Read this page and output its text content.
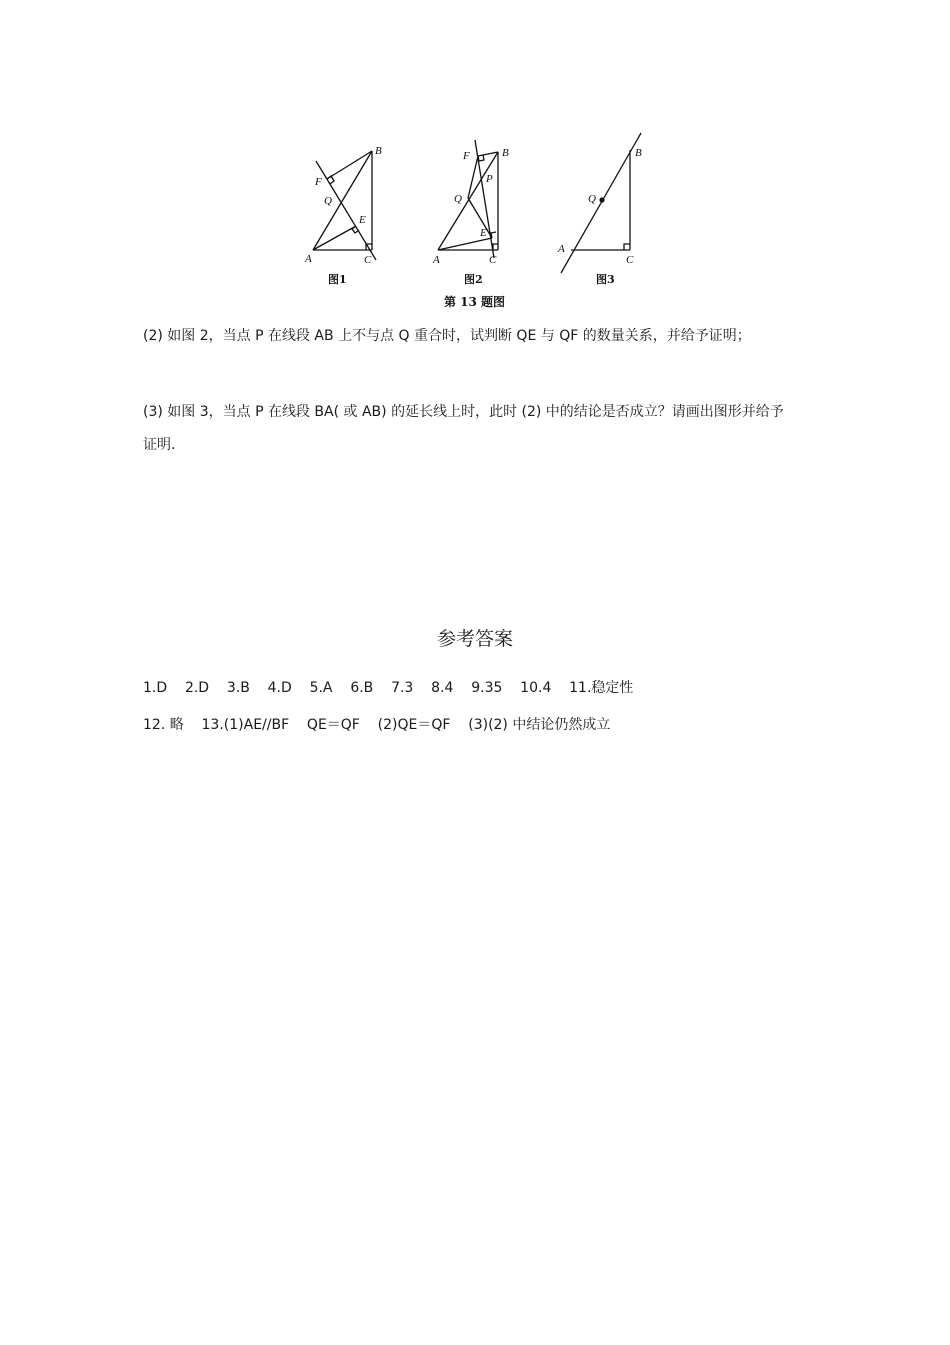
B
F
Q
E
A	C
图1
B
F
P
Q
E
A	C
图2
B
Q
A
C
图3
第 13 题图

(2) 如图 2，当点 P 在线段 AB 上不与点 Q 重合时，试判断 QE 与 QF 的数量关系，并给予证明；

(3) 如图 3，当点 P 在线段 BA( 或 AB) 的延长线上时，此时 (2) 中的结论是否成立？请画出图形并给予证明.

参考答案

1.D    2.D    3.B    4.D    5.A    6.B    7.3    8.4    9.35    10.4    11.稳定性

12. 略    13.(1)AE//BF    QE＝QF    (2)QE＝QF    (3)(2) 中结论仍然成立
